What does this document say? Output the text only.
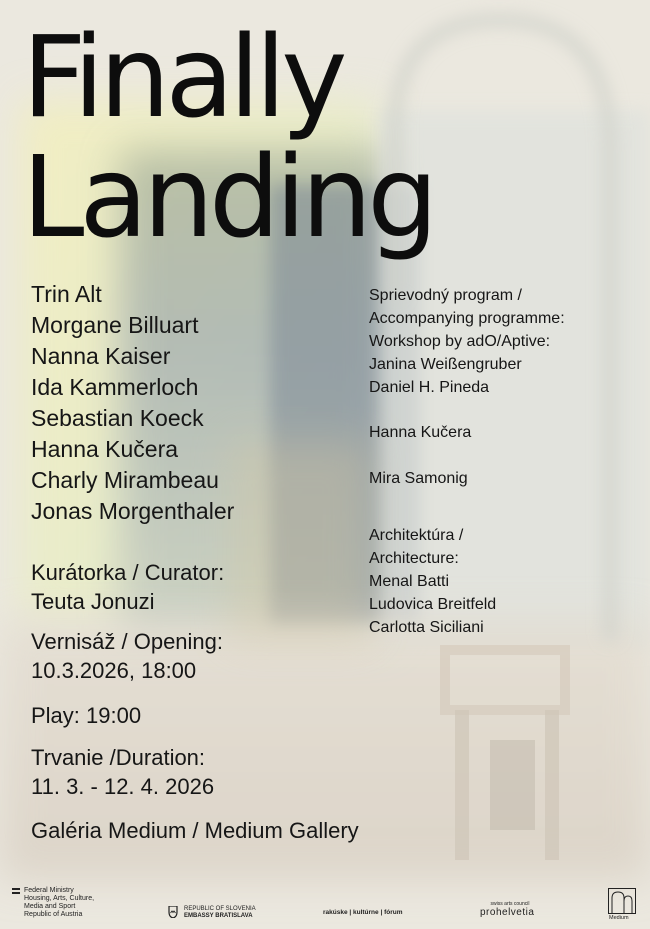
Finally
Landing
Trin Alt
Morgane Billuart
Nanna Kaiser
Ida Kammerloch
Sebastian Koeck
Hanna Kučera
Charly Mirambeau
Jonas Morgenthaler
Kurátorka / Curator:
Teuta Jonuzi
Vernisáž / Opening:
10.3.2026, 18:00
Play: 19:00
Trvanie /Duration:
11. 3. - 12. 4. 2026
Galéria Medium / Medium Gallery
Sprievodný program /
Accompanying programme:
Workshop by adO/Aptive:
Janina Weißengruber
Daniel H. Pineda
Hanna Kučera
Mira Samonig
Architektúra /
Architecture:
Menal Batti
Ludovica Breitfeld
Carlotta Siciliani
Federal Ministry
Housing, Arts, Culture,
Media and Sport
Republic of Austria
REPUBLIC OF SLOVENIA
EMBASSY BRATISLAVA	rakúske | kultúrne | fórum
swiss arts council
prohelvetia	Medium
